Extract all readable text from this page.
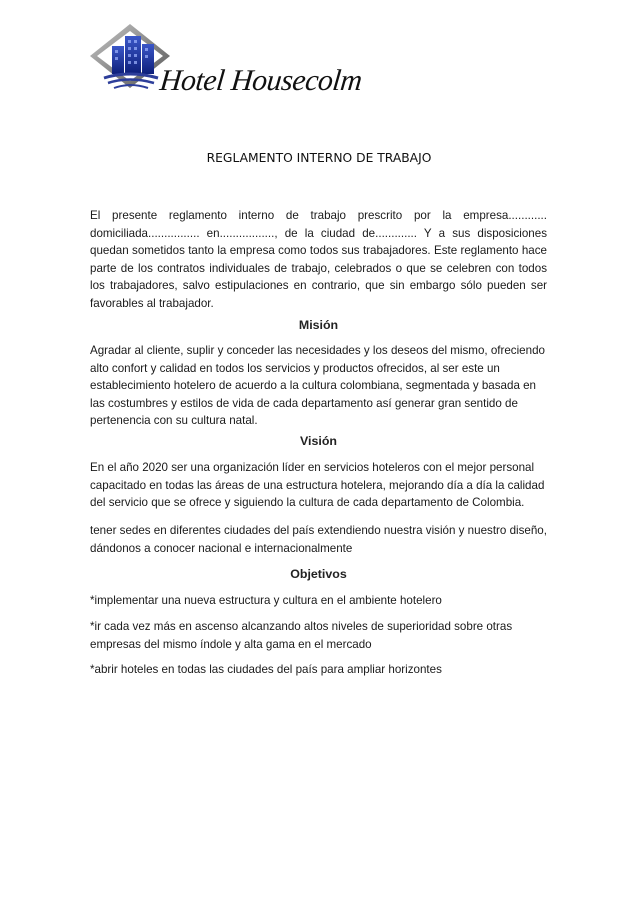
Hotel Housecolm
REGLAMENTO INTERNO DE TRABAJO

El presente reglamento interno de trabajo prescrito por la empresa............ domiciliada................ en................., de la ciudad de............. Y a sus disposiciones quedan sometidos tanto la empresa como todos sus trabajadores. Este reglamento hace parte de los contratos individuales de trabajo, celebrados o que se celebren con todos los trabajadores, salvo estipulaciones en contrario, que sin embargo sólo pueden ser favorables al trabajador.

Misión

Agradar al cliente, suplir y conceder las necesidades y los deseos del mismo, ofreciendo alto confort y calidad en todos los servicios y productos ofrecidos, al ser este un establecimiento hotelero de acuerdo a la cultura colombiana, segmentada y basada en las costumbres y estilos de vida de cada departamento así generar gran sentido de pertenencia con su cultura natal.

Visión

En el año 2020 ser una organización líder en servicios hoteleros con el mejor personal capacitado en todas las áreas de una estructura hotelera, mejorando día a día la calidad del servicio que se ofrece y siguiendo la cultura de cada departamento de Colombia.

tener sedes en diferentes ciudades del país extendiendo nuestra visión y nuestro diseño, dándonos a conocer nacional e internacionalmente

Objetivos

*implementar una nueva estructura y cultura en el ambiente hotelero

*ir cada vez más en ascenso alcanzando altos niveles de superioridad sobre otras empresas del mismo índole y alta gama en el mercado

*abrir hoteles en todas las ciudades del país para ampliar horizontes
